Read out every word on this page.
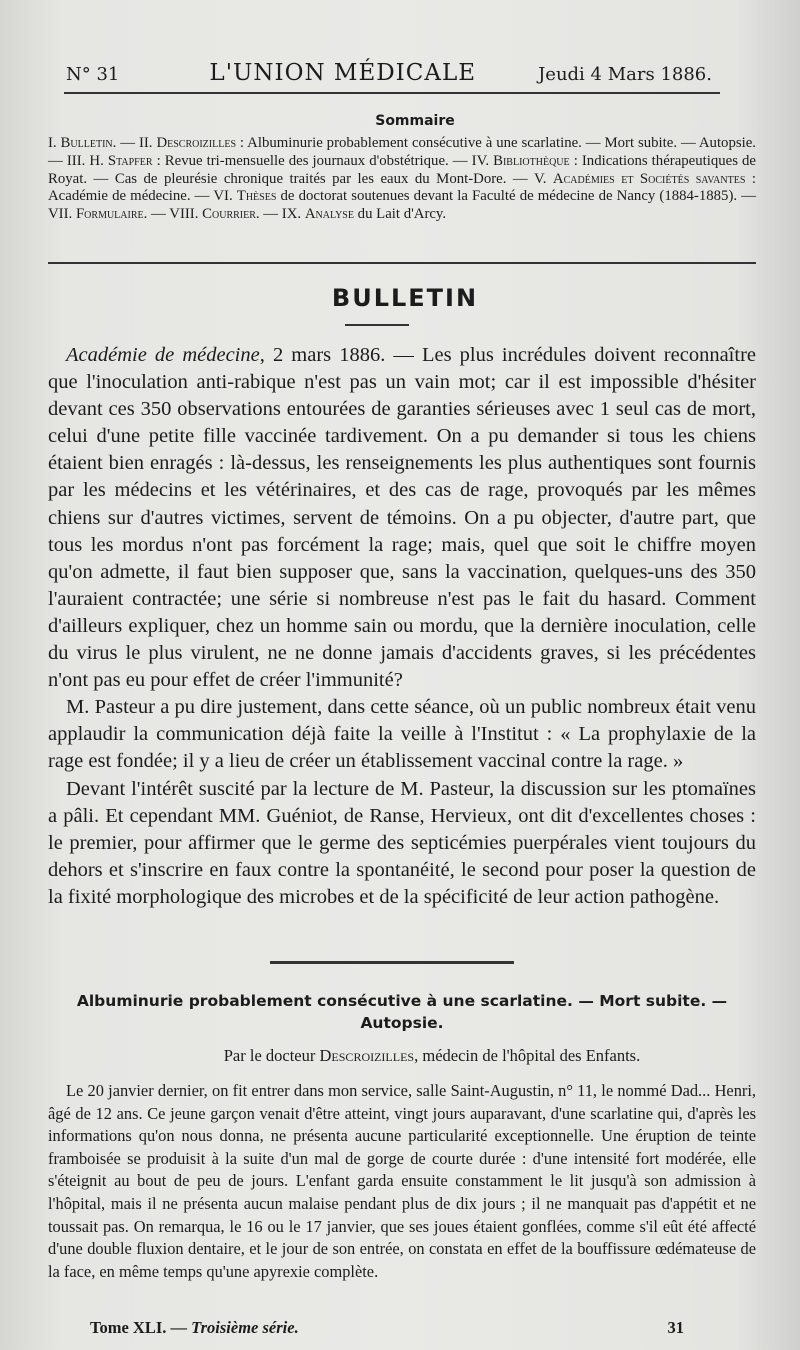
N° 31	L'UNION MÉDICALE	Jeudi 4 Mars 1886.
Sommaire
I. Bulletin. — II. Descroizilles : Albuminurie probablement consécutive à une scarlatine. — Mort subite. — Autopsie. — III. H. Stapfer : Revue tri-mensuelle des journaux d'obstétrique. — IV. Bibliothèque : Indications thérapeutiques de Royat. — Cas de pleurésie chronique traités par les eaux du Mont-Dore. — V. Académies et Sociétés savantes : Académie de médecine. — VI. Thèses de doctorat soutenues devant la Faculté de médecine de Nancy (1884-1885). — VII. Formulaire. — VIII. Courrier. — IX. Analyse du Lait d'Arcy.
BULLETIN

Académie de médecine, 2 mars 1886. — Les plus incrédules doivent reconnaître que l'inoculation anti-rabique n'est pas un vain mot; car il est impossible d'hésiter devant ces 350 observations entourées de garanties sérieuses avec 1 seul cas de mort, celui d'une petite fille vaccinée tardivement. On a pu demander si tous les chiens étaient bien enragés : là-dessus, les renseignements les plus authentiques sont fournis par les médecins et les vétérinaires, et des cas de rage, provoqués par les mêmes chiens sur d'autres victimes, servent de témoins. On a pu objecter, d'autre part, que tous les mordus n'ont pas forcément la rage; mais, quel que soit le chiffre moyen qu'on admette, il faut bien supposer que, sans la vaccination, quelques-uns des 350 l'auraient contractée; une série si nombreuse n'est pas le fait du hasard. Comment d'ailleurs expliquer, chez un homme sain ou mordu, que la dernière inoculation, celle du virus le plus virulent, ne ne donne jamais d'accidents graves, si les précédentes n'ont pas eu pour effet de créer l'immunité?

M. Pasteur a pu dire justement, dans cette séance, où un public nombreux était venu applaudir la communication déjà faite la veille à l'Institut : « La prophylaxie de la rage est fondée; il y a lieu de créer un établissement vaccinal contre la rage. »

Devant l'intérêt suscité par la lecture de M. Pasteur, la discussion sur les ptomaïnes a pâli. Et cependant MM. Guéniot, de Ranse, Hervieux, ont dit d'excellentes choses : le premier, pour affirmer que le germe des septicémies puerpérales vient toujours du dehors et s'inscrire en faux contre la spontanéité, le second pour poser la question de la fixité morphologique des microbes et de la spécificité de leur action pathogène.

Albuminurie probablement consécutive à une scarlatine. — Mort subite. — Autopsie.
Par le docteur Descroizilles, médecin de l'hôpital des Enfants.

Le 20 janvier dernier, on fit entrer dans mon service, salle Saint-Augustin, n° 11, le nommé Dad... Henri, âgé de 12 ans. Ce jeune garçon venait d'être atteint, vingt jours auparavant, d'une scarlatine qui, d'après les informations qu'on nous donna, ne présenta aucune particularité exceptionnelle. Une éruption de teinte framboisée se produisit à la suite d'un mal de gorge de courte durée : d'une intensité fort modérée, elle s'éteignit au bout de peu de jours. L'enfant garda ensuite constamment le lit jusqu'à son admission à l'hôpital, mais il ne présenta aucun malaise pendant plus de dix jours ; il ne manquait pas d'appétit et ne toussait pas. On remarqua, le 16 ou le 17 janvier, que ses joues étaient gonflées, comme s'il eût été affecté d'une double fluxion dentaire, et le jour de son entrée, on constata en effet de la bouffissure œdémateuse de la face, en même temps qu'une apyrexie complète.

Tome XLI. — Troisième série.	31
